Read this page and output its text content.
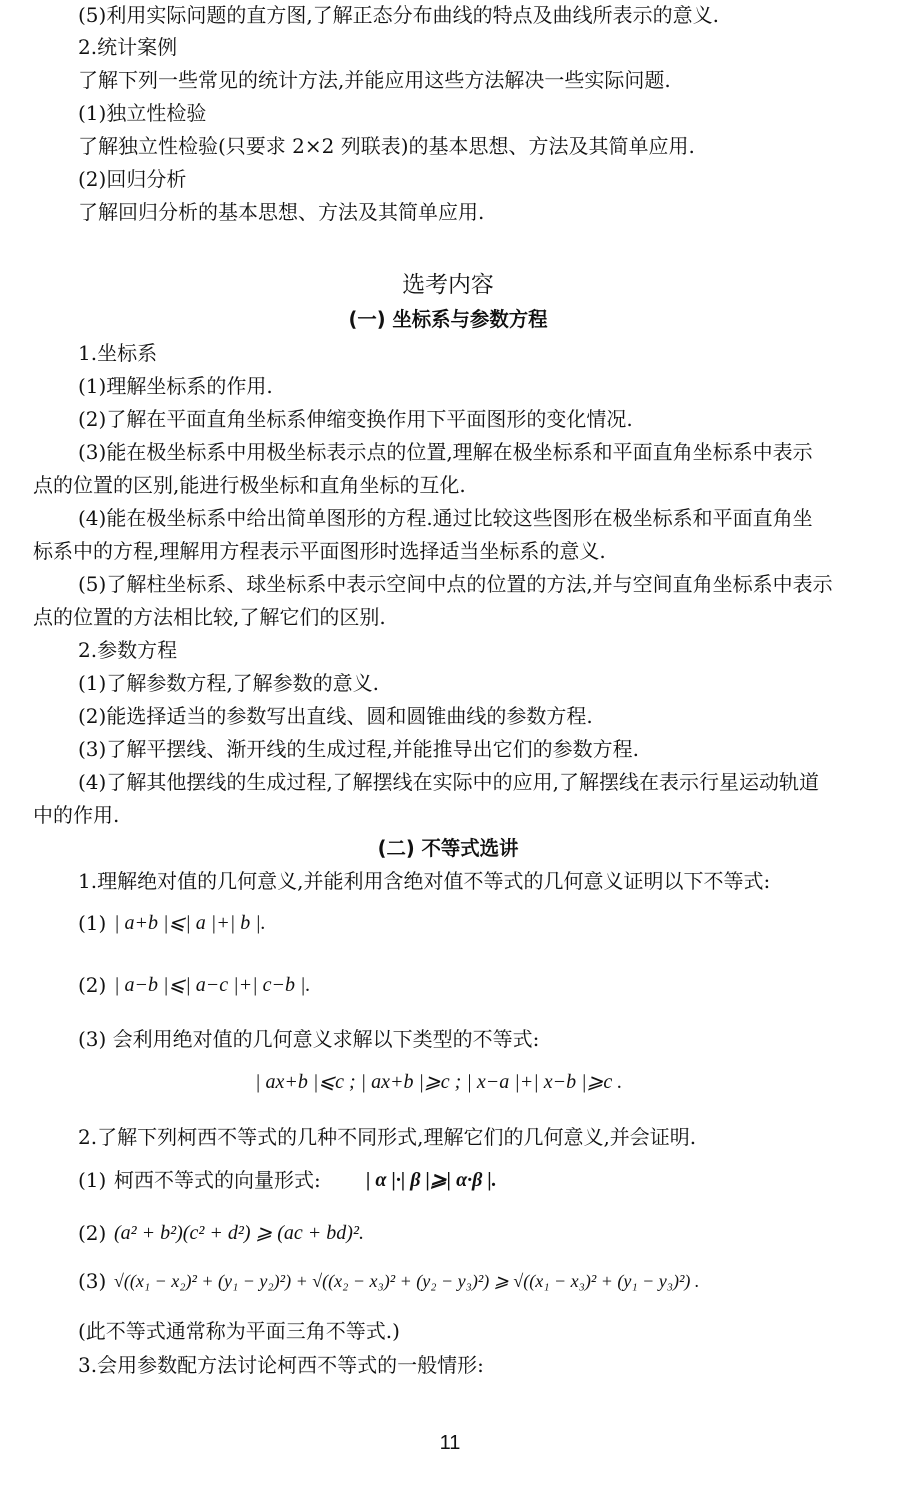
(5)利用实际问题的直方图,了解正态分布曲线的特点及曲线所表示的意义.
2.统计案例
了解下列一些常见的统计方法,并能应用这些方法解决一些实际问题.
(1)独立性检验
了解独立性检验(只要求 2×2 列联表)的基本思想、方法及其简单应用.
(2)回归分析
了解回归分析的基本思想、方法及其简单应用.
选考内容
(一) 坐标系与参数方程
1.坐标系
(1)理解坐标系的作用.
(2)了解在平面直角坐标系伸缩变换作用下平面图形的变化情况.
(3)能在极坐标系中用极坐标表示点的位置,理解在极坐标系和平面直角坐标系中表示
点的位置的区别,能进行极坐标和直角坐标的互化.
(4)能在极坐标系中给出简单图形的方程.通过比较这些图形在极坐标系和平面直角坐
标系中的方程,理解用方程表示平面图形时选择适当坐标系的意义.
(5)了解柱坐标系、球坐标系中表示空间中点的位置的方法,并与空间直角坐标系中表示
点的位置的方法相比较,了解它们的区别.
2.参数方程
(1)了解参数方程,了解参数的意义.
(2)能选择适当的参数写出直线、圆和圆锥曲线的参数方程.
(3)了解平摆线、渐开线的生成过程,并能推导出它们的参数方程.
(4)了解其他摆线的生成过程,了解摆线在实际中的应用,了解摆线在表示行星运动轨道
中的作用.
(二) 不等式选讲
1.理解绝对值的几何意义,并能利用含绝对值不等式的几何意义证明以下不等式:
(1) | a+b |⩽| a |+| b |.
(2) | a−b |⩽| a−c |+| c−b |.
(3) 会利用绝对值的几何意义求解以下类型的不等式:
| ax+b |⩽c ; | ax+b |⩾c ; | x−a |+| x−b |⩾c .
2.了解下列柯西不等式的几种不同形式,理解它们的几何意义,并会证明.
(1) 柯西不等式的向量形式: | α |·| β |⩾| α·β |.
(2) (a² + b²)(c² + d²) ⩾ (ac + bd)².
(3) √((x₁ − x₂)² + (y₁ − y₂)²) + √((x₂ − x₃)² + (y₂ − y₃)²) ⩾ √((x₁ − x₃)² + (y₁ − y₃)²) .
(此不等式通常称为平面三角不等式.)
3.会用参数配方法讨论柯西不等式的一般情形:
11
